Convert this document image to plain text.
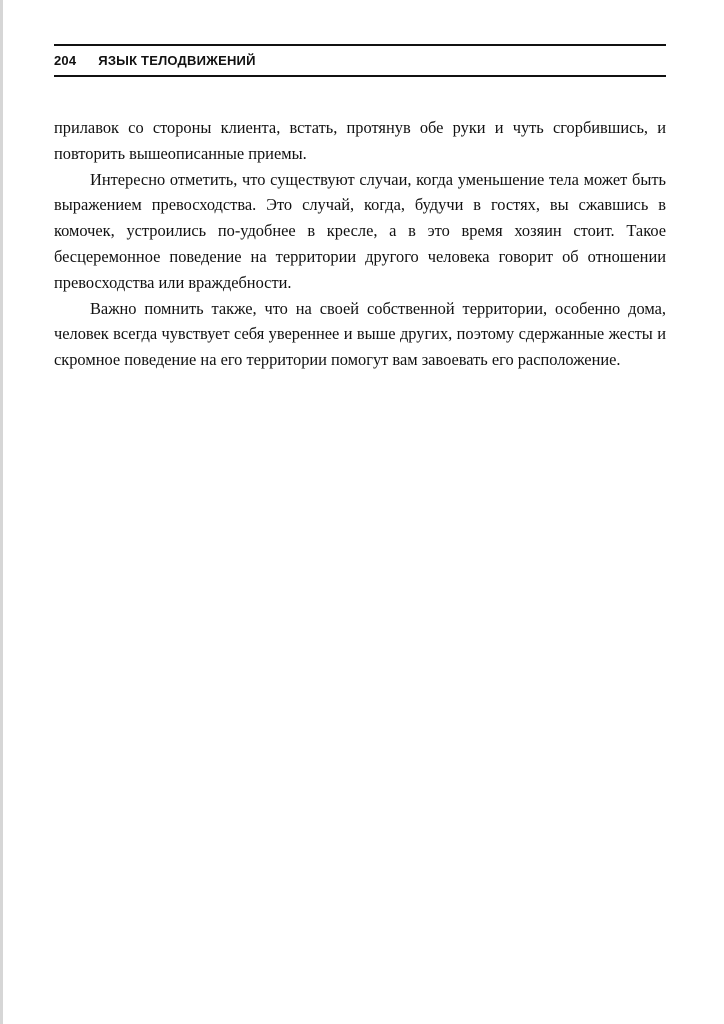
204 ЯЗЫК ТЕЛОДВИЖЕНИЙ

прилавок со стороны клиента, встать, протянув обе руки и чуть сгорбившись, и повторить вышеописанные приемы.

Интересно отметить, что существуют случаи, когда уменьшение тела может быть выражением превосходства. Это случай, когда, будучи в гостях, вы сжавшись в комочек, устроились по-удобнее в кресле, а в это время хозяин стоит. Такое бесцеремонное поведение на территории другого человека говорит об отношении превосходства или враждебности.

Важно помнить также, что на своей собственной территории, особенно дома, человек всегда чувствует себя увереннее и выше других, поэтому сдержанные жесты и скромное поведение на его территории помогут вам завоевать его расположение.
